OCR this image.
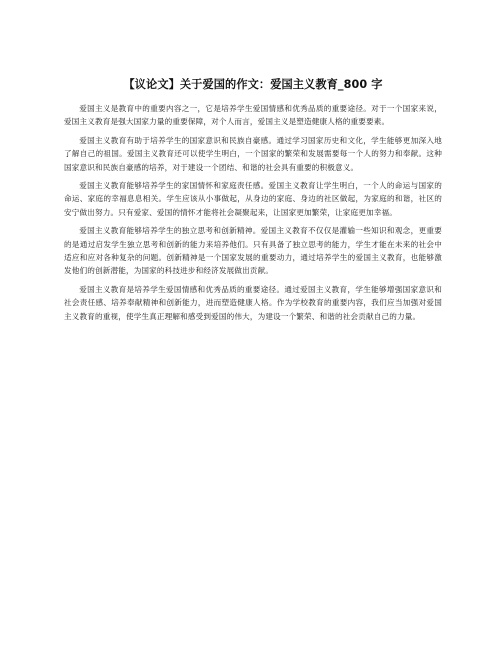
【议论文】关于爱国的作文：爱国主义教育_800 字

爱国主义是教育中的重要内容之一，它是培养学生爱国情感和优秀品质的重要途径。对于一个国家来说，爱国主义教育是强大国家力量的重要保障，对个人而言，爱国主义是塑造健康人格的重要要素。

爱国主义教育有助于培养学生的国家意识和民族自豪感。通过学习国家历史和文化，学生能够更加深入地了解自己的祖国。爱国主义教育还可以使学生明白，一个国家的繁荣和发展需要每一个人的努力和奉献。这种国家意识和民族自豪感的培养，对于建设一个团结、和谐的社会具有重要的积极意义。

爱国主义教育能够培养学生的家国情怀和家庭责任感。爱国主义教育让学生明白，一个人的命运与国家的命运、家庭的幸福息息相关。学生应该从小事做起，从身边的家庭、身边的社区做起，为家庭的和谐，社区的安宁做出努力。只有爱家、爱国的情怀才能将社会凝聚起来，让国家更加繁荣，让家庭更加幸福。

爱国主义教育能够培养学生的独立思考和创新精神。爱国主义教育不仅仅是灌输一些知识和观念，更重要的是通过启发学生独立思考和创新的能力来培养他们。只有具备了独立思考的能力，学生才能在未来的社会中适应和应对各种复杂的问题。创新精神是一个国家发展的重要动力，通过培养学生的爱国主义教育，也能够激发他们的创新潜能，为国家的科技进步和经济发展做出贡献。

爱国主义教育是培养学生爱国情感和优秀品质的重要途径。通过爱国主义教育，学生能够增强国家意识和社会责任感、培养奉献精神和创新能力，进而塑造健康人格。作为学校教育的重要内容，我们应当加强对爱国主义教育的重视，使学生真正理解和感受到爱国的伟大，为建设一个繁荣、和谐的社会贡献自己的力量。
